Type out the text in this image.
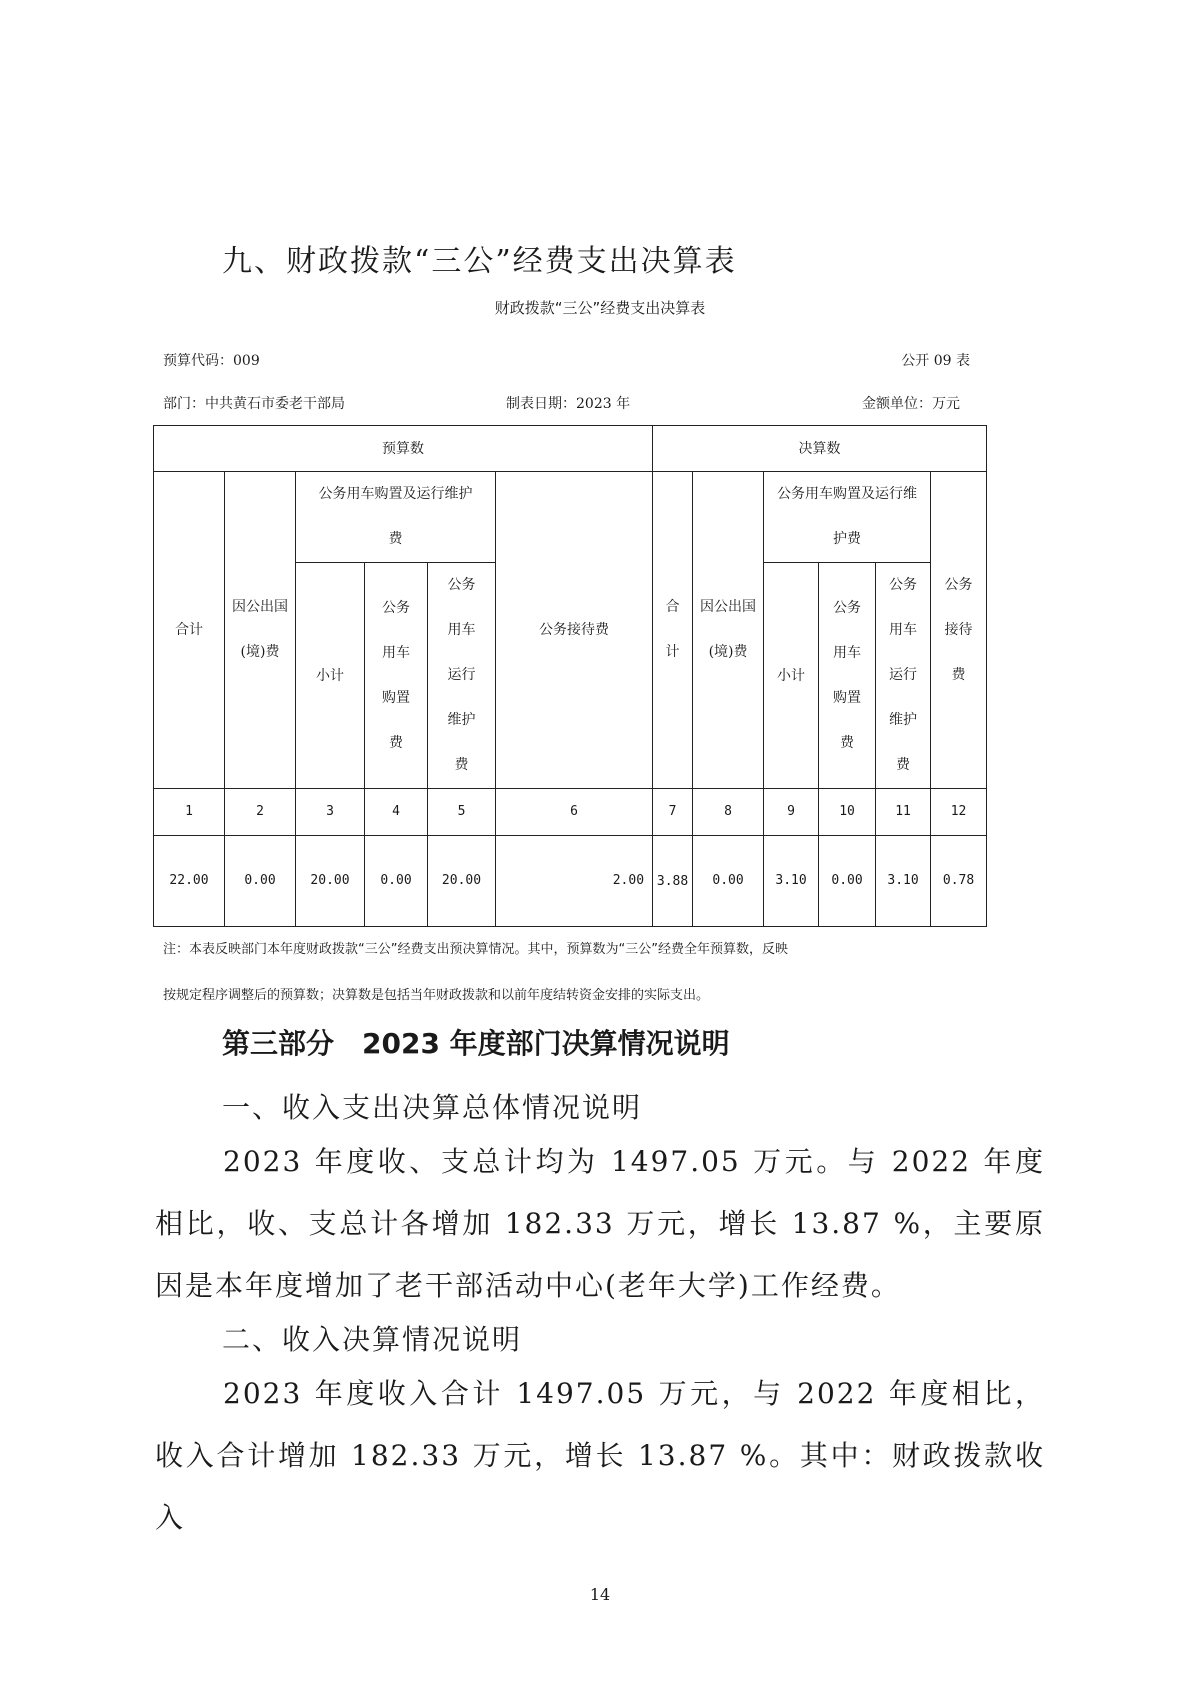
九、财政拨款“三公”经费支出决算表
财政拨款“三公”经费支出决算表
预算代码：009	公开 09 表
部门：中共黄石市委老干部局	制表日期：2023 年	金额单位：万元
预算数						决算数					
合计	因公出国(境)费	公务用车购置及运行维护费			公务接待费	合计	因公出国(境)费	公务用车购置及运行维护费			公务接待费
		小计	公务用车购置费	公务用车运行维护费				小计	公务用车购置费	公务用车运行维护费	
1	2	3	4	5	6	7	8	9	10	11	12
22.00	0.00	20.00	0.00	20.00	2.00	3.88	0.00	3.10	0.00	3.10	0.78
注：本表反映部门本年度财政拨款“三公”经费支出预决算情况。其中，预算数为“三公”经费全年预算数，反映
按规定程序调整后的预算数；决算数是包括当年财政拨款和以前年度结转资金安排的实际支出。
第三部分　2023 年度部门决算情况说明
一、收入支出决算总体情况说明
2023 年度收、支总计均为 1497.05 万元。与 2022 年度相比，收、支总计各增加 182.33 万元，增长 13.87 %，主要原因是本年度增加了老干部活动中心(老年大学)工作经费。
二、收入决算情况说明
2023 年度收入合计 1497.05 万元，与 2022 年度相比，收入合计增加 182.33 万元，增长 13.87 %。其中：财政拨款收入
14
